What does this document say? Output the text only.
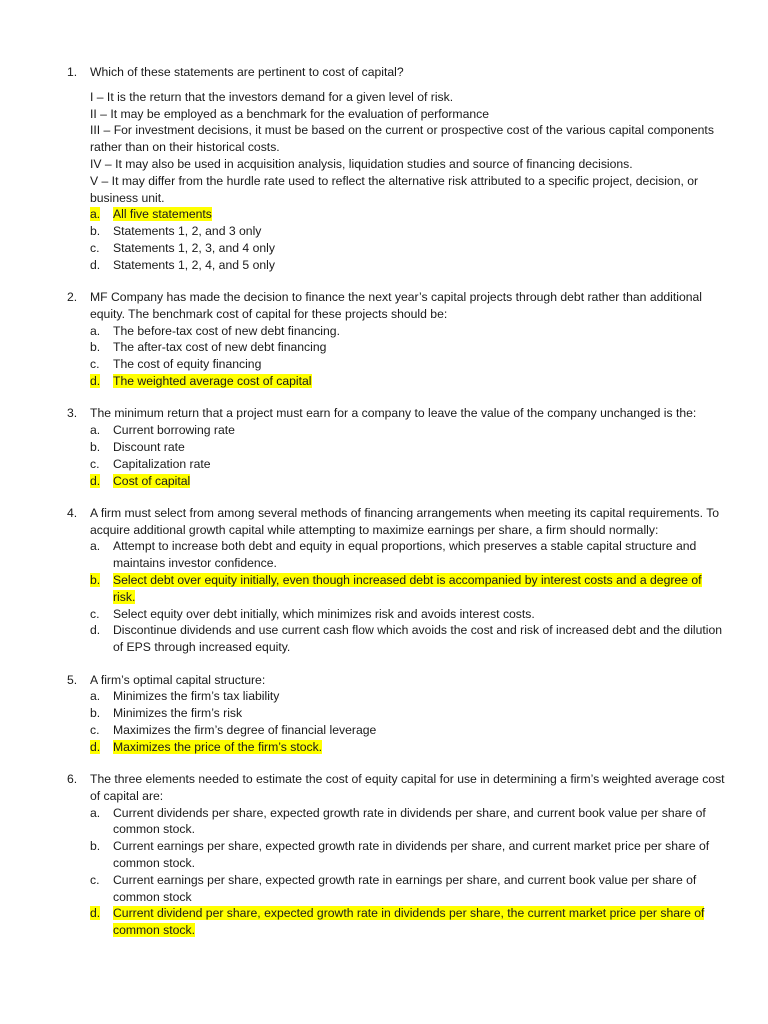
1.	Which of these statements are pertinent to cost of capital?

I – It is the return that the investors demand for a given level of risk.

II – It may be employed as a benchmark for the evaluation of performance

III – For investment decisions, it must be based on the current or prospective cost of the various capital components rather than on their historical costs.

IV – It may also be used in acquisition analysis, liquidation studies and source of financing decisions.

V – It may differ from the hurdle rate used to reflect the alternative risk attributed to a specific project, decision, or business unit.

a.	All five statements
b.	Statements 1, 2, and 3 only
c.	Statements 1, 2, 3, and 4 only
d.	Statements 1, 2, 4, and 5 only
2.	MF Company has made the decision to finance the next year’s capital projects through debt rather than additional equity. The benchmark cost of capital for these projects should be:

a.	The before-tax cost of new debt financing.
b.	The after-tax cost of new debt financing
c.	The cost of equity financing
d.	The weighted average cost of capital
3.	The minimum return that a project must earn for a company to leave the value of the company unchanged is the:

a.	Current borrowing rate
b.	Discount rate
c.	Capitalization rate
d.	Cost of capital
4.	A firm must select from among several methods of financing arrangements when meeting its capital requirements. To acquire additional growth capital while attempting to maximize earnings per share, a firm should normally:

a.	Attempt to increase both debt and equity in equal proportions, which preserves a stable capital structure and maintains investor confidence.
b.	Select debt over equity initially, even though increased debt is accompanied by interest costs and a degree of risk.
c.	Select equity over debt initially, which minimizes risk and avoids interest costs.
d.	Discontinue dividends and use current cash flow which avoids the cost and risk of increased debt and the dilution of EPS through increased equity.
5.	A firm’s optimal capital structure:

a.	Minimizes the firm’s tax liability
b.	Minimizes the firm’s risk
c.	Maximizes the firm’s degree of financial leverage
d.	Maximizes the price of the firm’s stock.
6.	The three elements needed to estimate the cost of equity capital for use in determining a firm’s weighted average cost of capital are:

a.	Current dividends per share, expected growth rate in dividends per share, and current book value per share of common stock.
b.	Current earnings per share, expected growth rate in dividends per share, and current market price per share of common stock.
c.	Current earnings per share, expected growth rate in earnings per share, and current book value per share of common stock
d.	Current dividend per share, expected growth rate in dividends per share, the current market price per share of common stock.
